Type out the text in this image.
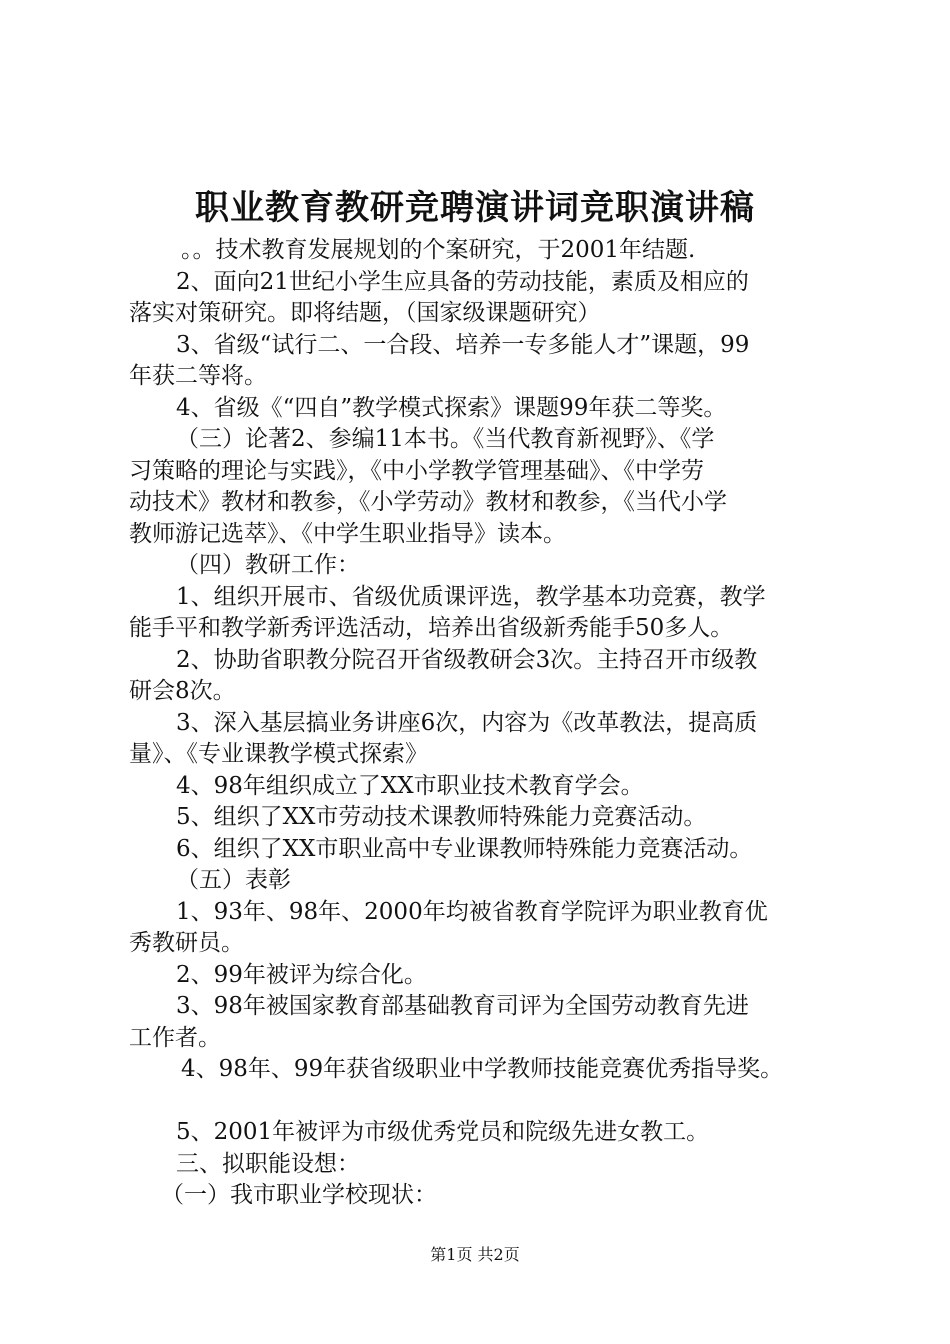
职业教育教研竞聘演讲词竞职演讲稿

。。技术教育发展规划的个案研究，于2001年结题.

2、面向21世纪小学生应具备的劳动技能，素质及相应的

落实对策研究。即将结题，（国家级课题研究）

3、省级“试行二、一合段、培养一专多能人才”课题，99

年获二等将。

4、省级《“四自”教学模式探索》课题99年获二等奖。

（三）论著2、参编11本书。《当代教育新视野》、《学

习策略的理论与实践》，《中小学教学管理基础》、《中学劳

动技术》教材和教参，《小学劳动》教材和教参，《当代小学

教师游记选萃》、《中学生职业指导》读本。

（四）教研工作：

1、组织开展市、省级优质课评选，教学基本功竞赛，教学

能手平和教学新秀评选活动，培养出省级新秀能手50多人。

2、协助省职教分院召开省级教研会3次。主持召开市级教

研会8次。

3、深入基层搞业务讲座6次，内容为《改革教法，提高质

量》、《专业课教学模式探索》

4、98年组织成立了XX市职业技术教育学会。

5、组织了XX市劳动技术课教师特殊能力竞赛活动。

6、组织了XX市职业高中专业课教师特殊能力竞赛活动。

（五）表彰

1、93年、98年、2000年均被省教育学院评为职业教育优

秀教研员。

2、99年被评为综合化。

3、98年被国家教育部基础教育司评为全国劳动教育先进

工作者。

4、98年、99年获省级职业中学教师技能竞赛优秀指导奖。

5、2001年被评为市级优秀党员和院级先进女教工。

三、拟职能设想：

（一）我市职业学校现状：

第1页 共2页
